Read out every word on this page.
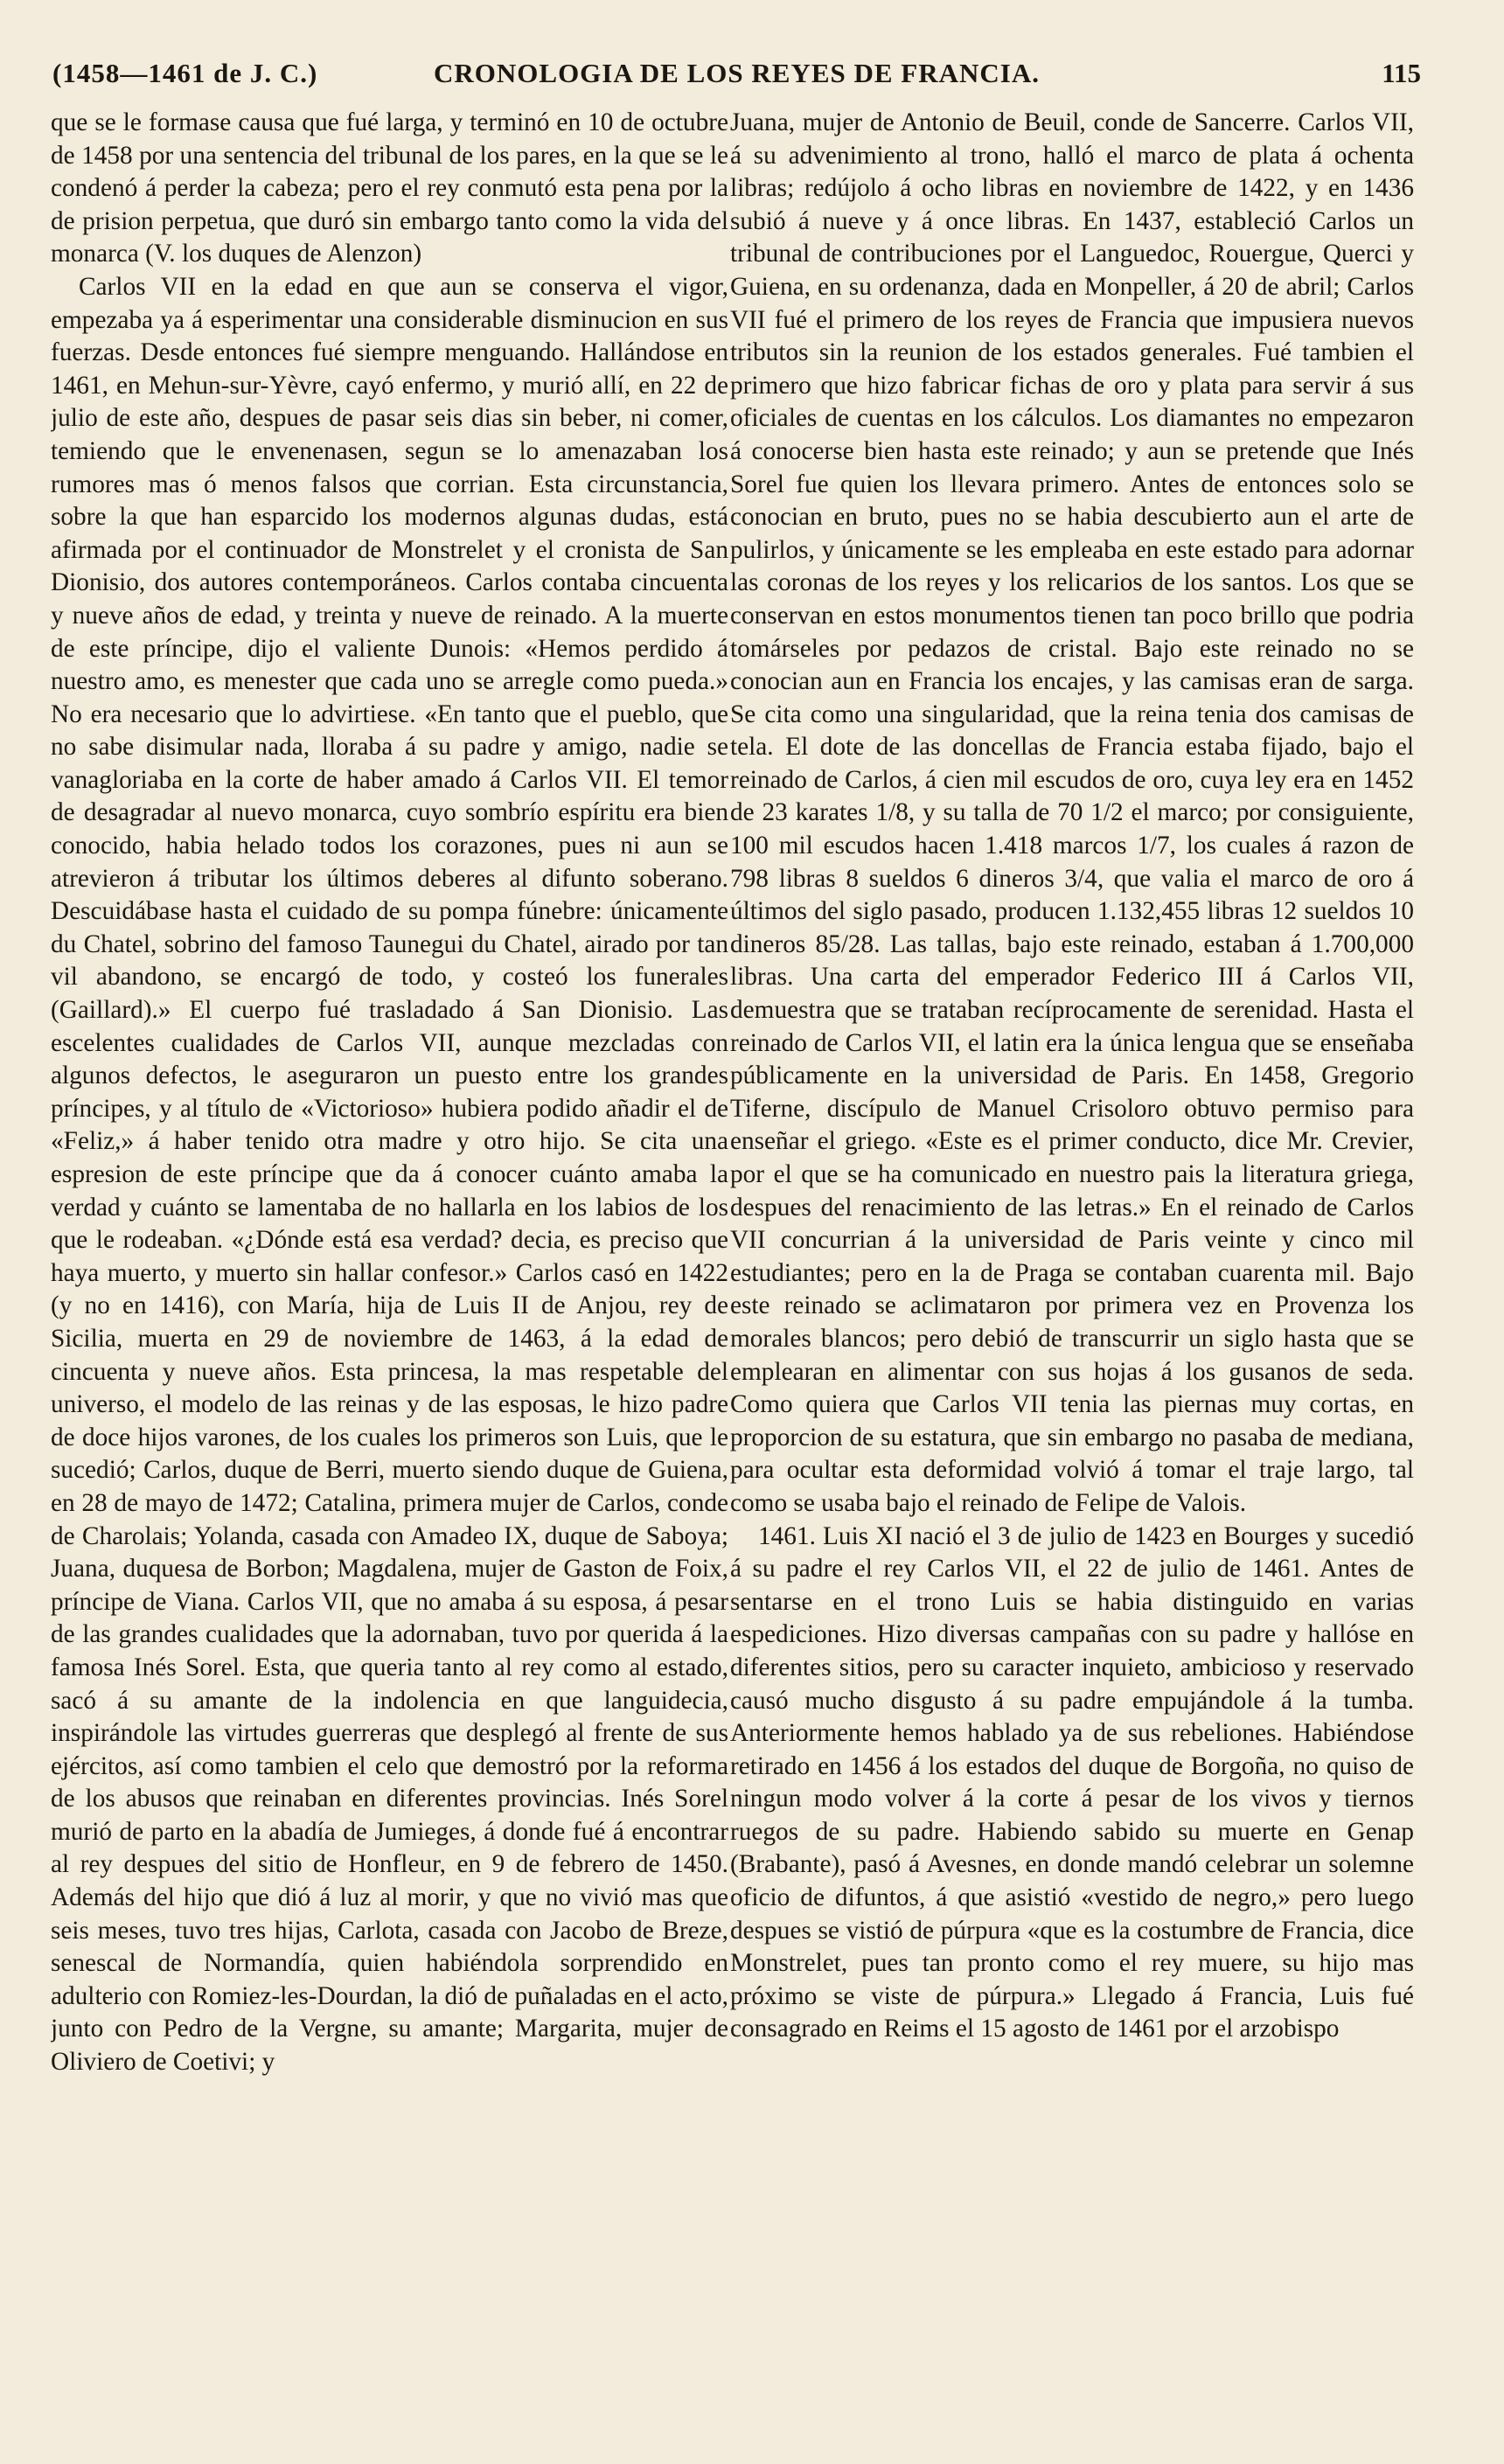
(1458—1461 de J. C.)	CRONOLOGIA DE LOS REYES DE FRANCIA.	115

que se le formase causa que fué larga, y terminó en 10 de octubre de 1458 por una sentencia del tribunal de los pares, en la que se le condenó á perder la cabeza; pero el rey conmutó esta pena por la de prision perpetua, que duró sin embargo tanto como la vida del monarca (V. los duques de Alenzon)

Carlos VII en la edad en que aun se conserva el vigor, empezaba ya á esperimentar una considerable disminucion en sus fuerzas. Desde entonces fué siempre menguando. Hallándose en 1461, en Mehun-sur-Yèvre, cayó enfermo, y murió allí, en 22 de julio de este año, despues de pasar seis dias sin beber, ni comer, temiendo que le envenenasen, segun se lo amenazaban los rumores mas ó menos falsos que corrian. Esta circunstancia, sobre la que han esparcido los modernos algunas dudas, está afirmada por el continuador de Monstrelet y el cronista de San Dionisio, dos autores contemporáneos. Carlos contaba cincuenta y nueve años de edad, y treinta y nueve de reinado. A la muerte de este príncipe, dijo el valiente Dunois: «Hemos perdido á nuestro amo, es menester que cada uno se arregle como pueda.» No era necesario que lo advirtiese. «En tanto que el pueblo, que no sabe disimular nada, lloraba á su padre y amigo, nadie se vanagloriaba en la corte de haber amado á Carlos VII. El temor de desagradar al nuevo monarca, cuyo sombrío espíritu era bien conocido, habia helado todos los corazones, pues ni aun se atrevieron á tributar los últimos deberes al difunto soberano. Descuidábase hasta el cuidado de su pompa fúnebre: únicamente du Chatel, sobrino del famoso Taunegui du Chatel, airado por tan vil abandono, se encargó de todo, y costeó los funerales (Gaillard).» El cuerpo fué trasladado á San Dionisio. Las escelentes cualidades de Carlos VII, aunque mezcladas con algunos defectos, le aseguraron un puesto entre los grandes príncipes, y al título de «Victorioso» hubiera podido añadir el de «Feliz,» á haber tenido otra madre y otro hijo. Se cita una espresion de este príncipe que da á conocer cuánto amaba la verdad y cuánto se lamentaba de no hallarla en los labios de los que le rodeaban. «¿Dónde está esa verdad? decia, es preciso que haya muerto, y muerto sin hallar confesor.» Carlos casó en 1422 (y no en 1416), con María, hija de Luis II de Anjou, rey de Sicilia, muerta en 29 de noviembre de 1463, á la edad de cincuenta y nueve años. Esta princesa, la mas respetable del universo, el modelo de las reinas y de las esposas, le hizo padre de doce hijos varones, de los cuales los primeros son Luis, que le sucedió; Carlos, duque de Berri, muerto siendo duque de Guiena, en 28 de mayo de 1472; Catalina, primera mujer de Carlos, conde de Charolais; Yolanda, casada con Amadeo IX, duque de Saboya; Juana, duquesa de Borbon; Magdalena, mujer de Gaston de Foix, príncipe de Viana. Carlos VII, que no amaba á su esposa, á pesar de las grandes cualidades que la adornaban, tuvo por querida á la famosa Inés Sorel. Esta, que queria tanto al rey como al estado, sacó á su amante de la indolencia en que languidecia, inspirándole las virtudes guerreras que desplegó al frente de sus ejércitos, así como tambien el celo que demostró por la reforma de los abusos que reinaban en diferentes provincias. Inés Sorel murió de parto en la abadía de Jumieges, á donde fué á encontrar al rey despues del sitio de Honfleur, en 9 de febrero de 1450. Además del hijo que dió á luz al morir, y que no vivió mas que seis meses, tuvo tres hijas, Carlota, casada con Jacobo de Breze, senescal de Normandía, quien habiéndola sorprendido en adulterio con Romiez-les-Dourdan, la dió de puñaladas en el acto, junto con Pedro de la Vergne, su amante; Margarita, mujer de Oliviero de Coetivi; y

Juana, mujer de Antonio de Beuil, conde de Sancerre. Carlos VII, á su advenimiento al trono, halló el marco de plata á ochenta libras; redújolo á ocho libras en noviembre de 1422, y en 1436 subió á nueve y á once libras. En 1437, estableció Carlos un tribunal de contribuciones por el Languedoc, Rouergue, Querci y Guiena, en su ordenanza, dada en Monpeller, á 20 de abril; Carlos VII fué el primero de los reyes de Francia que impusiera nuevos tributos sin la reunion de los estados generales. Fué tambien el primero que hizo fabricar fichas de oro y plata para servir á sus oficiales de cuentas en los cálculos. Los diamantes no empezaron á conocerse bien hasta este reinado; y aun se pretende que Inés Sorel fue quien los llevara primero. Antes de entonces solo se conocian en bruto, pues no se habia descubierto aun el arte de pulirlos, y únicamente se les empleaba en este estado para adornar las coronas de los reyes y los relicarios de los santos. Los que se conservan en estos monumentos tienen tan poco brillo que podria tomárseles por pedazos de cristal. Bajo este reinado no se conocian aun en Francia los encajes, y las camisas eran de sarga. Se cita como una singularidad, que la reina tenia dos camisas de tela. El dote de las doncellas de Francia estaba fijado, bajo el reinado de Carlos, á cien mil escudos de oro, cuya ley era en 1452 de 23 karates 1/8, y su talla de 70 1/2 el marco; por consiguiente, 100 mil escudos hacen 1.418 marcos 1/7, los cuales á razon de 798 libras 8 sueldos 6 dineros 3/4, que valia el marco de oro á últimos del siglo pasado, producen 1.132,455 libras 12 sueldos 10 dineros 85/28. Las tallas, bajo este reinado, estaban á 1.700,000 libras. Una carta del emperador Federico III á Carlos VII, demuestra que se trataban recíprocamente de serenidad. Hasta el reinado de Carlos VII, el latin era la única lengua que se enseñaba públicamente en la universidad de Paris. En 1458, Gregorio Tiferne, discípulo de Manuel Crisoloro obtuvo permiso para enseñar el griego. «Este es el primer conducto, dice Mr. Crevier, por el que se ha comunicado en nuestro pais la literatura griega, despues del renacimiento de las letras.» En el reinado de Carlos VII concurrian á la universidad de Paris veinte y cinco mil estudiantes; pero en la de Praga se contaban cuarenta mil. Bajo este reinado se aclimataron por primera vez en Provenza los morales blancos; pero debió de transcurrir un siglo hasta que se emplearan en alimentar con sus hojas á los gusanos de seda. Como quiera que Carlos VII tenia las piernas muy cortas, en proporcion de su estatura, que sin embargo no pasaba de mediana, para ocultar esta deformidad volvió á tomar el traje largo, tal como se usaba bajo el reinado de Felipe de Valois.

1461. Luis XI nació el 3 de julio de 1423 en Bourges y sucedió á su padre el rey Carlos VII, el 22 de julio de 1461. Antes de sentarse en el trono Luis se habia distinguido en varias espediciones. Hizo diversas campañas con su padre y hallóse en diferentes sitios, pero su caracter inquieto, ambicioso y reservado causó mucho disgusto á su padre empujándole á la tumba. Anteriormente hemos hablado ya de sus rebeliones. Habiéndose retirado en 1456 á los estados del duque de Borgoña, no quiso de ningun modo volver á la corte á pesar de los vivos y tiernos ruegos de su padre. Habiendo sabido su muerte en Genap (Brabante), pasó á Avesnes, en donde mandó celebrar un solemne oficio de difuntos, á que asistió «vestido de negro,» pero luego despues se vistió de púrpura «que es la costumbre de Francia, dice Monstrelet, pues tan pronto como el rey muere, su hijo mas próximo se viste de púrpura.» Llegado á Francia, Luis fué consagrado en Reims el 15 agosto de 1461 por el arzobispo
